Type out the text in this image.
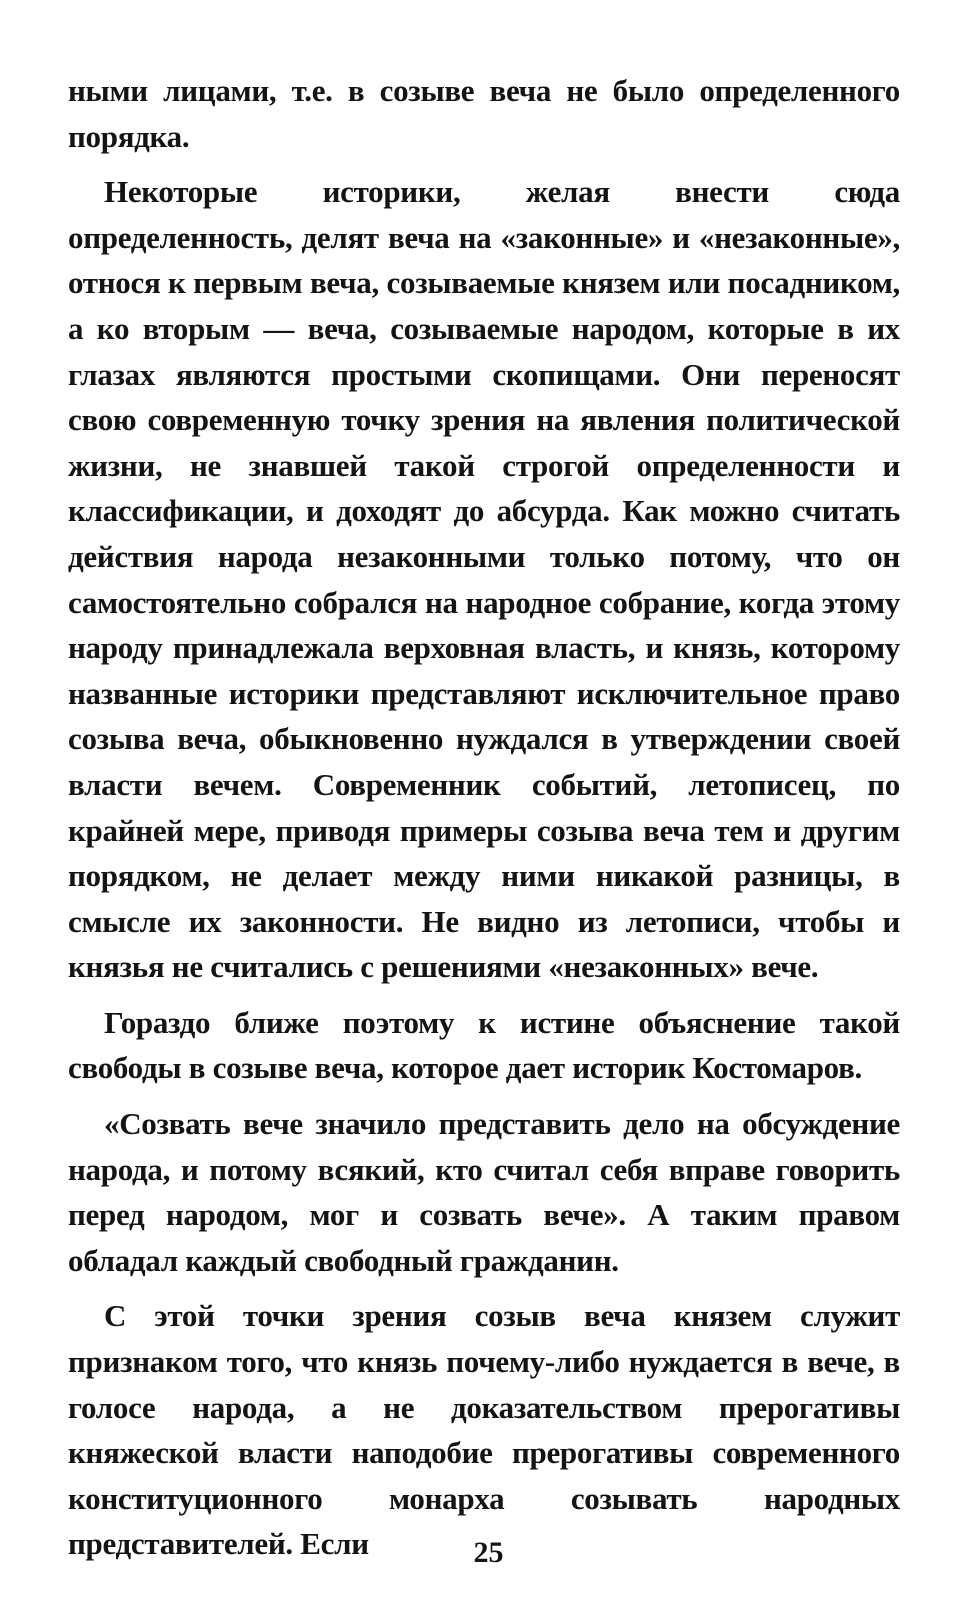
ными лицами, т.е. в созыве веча не было определенного порядка.

Некоторые историки, желая внести сюда определенность, делят веча на «законные» и «незаконные», относя к первым веча, созываемые князем или посадником, а ко вторым — веча, созываемые народом, которые в их глазах являются простыми скопищами. Они переносят свою современную точку зрения на явления политической жизни, не знавшей такой строгой определенности и классификации, и доходят до абсурда. Как можно считать действия народа незаконными только потому, что он самостоятельно собрался на народное собрание, когда этому народу принадлежала верховная власть, и князь, которому названные историки представляют исключительное право созыва веча, обыкновенно нуждался в утверждении своей власти вечем. Современник событий, летописец, по крайней мере, приводя примеры созыва веча тем и другим порядком, не делает между ними никакой разницы, в смысле их законности. Не видно из летописи, чтобы и князья не считались с решениями «незаконных» вече.

Гораздо ближе поэтому к истине объяснение такой свободы в созыве веча, которое дает историк Костомаров.

«Созвать вече значило представить дело на обсуждение народа, и потому всякий, кто считал себя вправе говорить перед народом, мог и созвать вече». А таким правом обладал каждый свободный гражданин.

С этой точки зрения созыв веча князем служит признаком того, что князь почему-либо нуждается в вече, в голосе народа, а не доказательством прерогативы княжеской власти наподобие прерогативы современного конституционного монарха созывать народных представителей. Если	25
